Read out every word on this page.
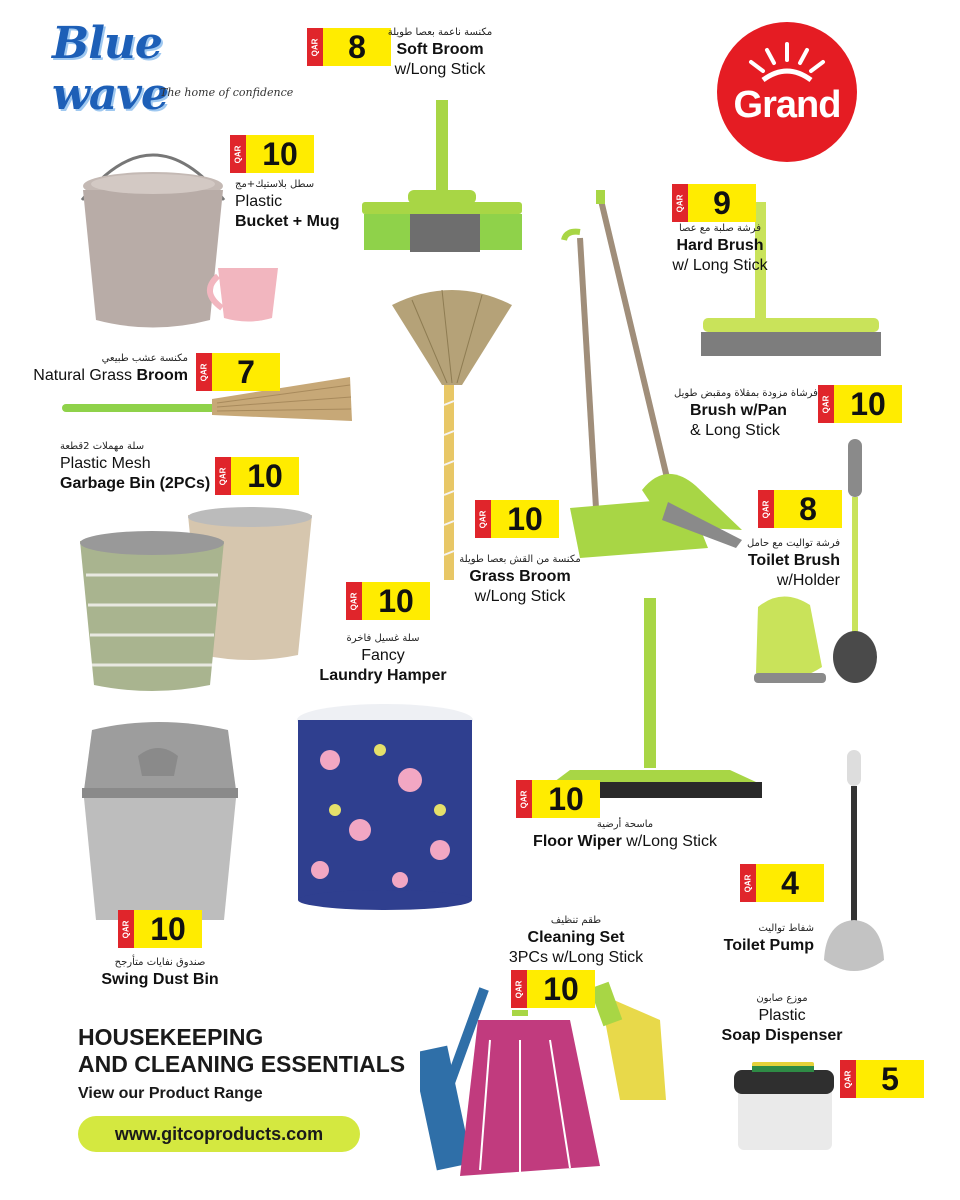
Blue wave
The home of confidence	Grand
QAR 8
QAR 10
QAR 9
QAR 7
QAR 10
QAR 10
QAR 8
QAR 10
QAR 10
QAR 10
QAR 4
QAR 10
QAR 10
QAR 5
مكنسة ناعمة بعصا طويلة
Soft Broom
w/Long Stick
سطل بلاستيك+مج
Plastic
Bucket + Mug	فرشة صلبة مع عصا
Hard Brush
w/ Long Stick
مكنسة عشب طبيعي
Natural Grass Broom
فرشاة مزودة بمقلاة ومقبض طويل
Brush w/Pan
& Long Stick
سلة مهملات 2قطعة
Plastic Mesh
Garbage Bin (2PCs)
فرشة تواليت مع حامل
Toilet Brush
w/Holder
مكنسة من القش بعصا طويلة
Grass Broom
w/Long Stick
سلة غسيل فاخرة
Fancy
Laundry Hamper
ماسحة أرضية
Floor Wiper w/Long Stick
شفاط تواليت
Toilet Pump
صندوق نفايات متأرجح
Swing Dust Bin
طقم تنظيف
Cleaning Set
3PCs w/Long Stick
موزع صابون
Plastic
Soap Dispenser
HOUSEKEEPING
AND CLEANING ESSENTIALS
View our Product Range
www.gitcoproducts.com
